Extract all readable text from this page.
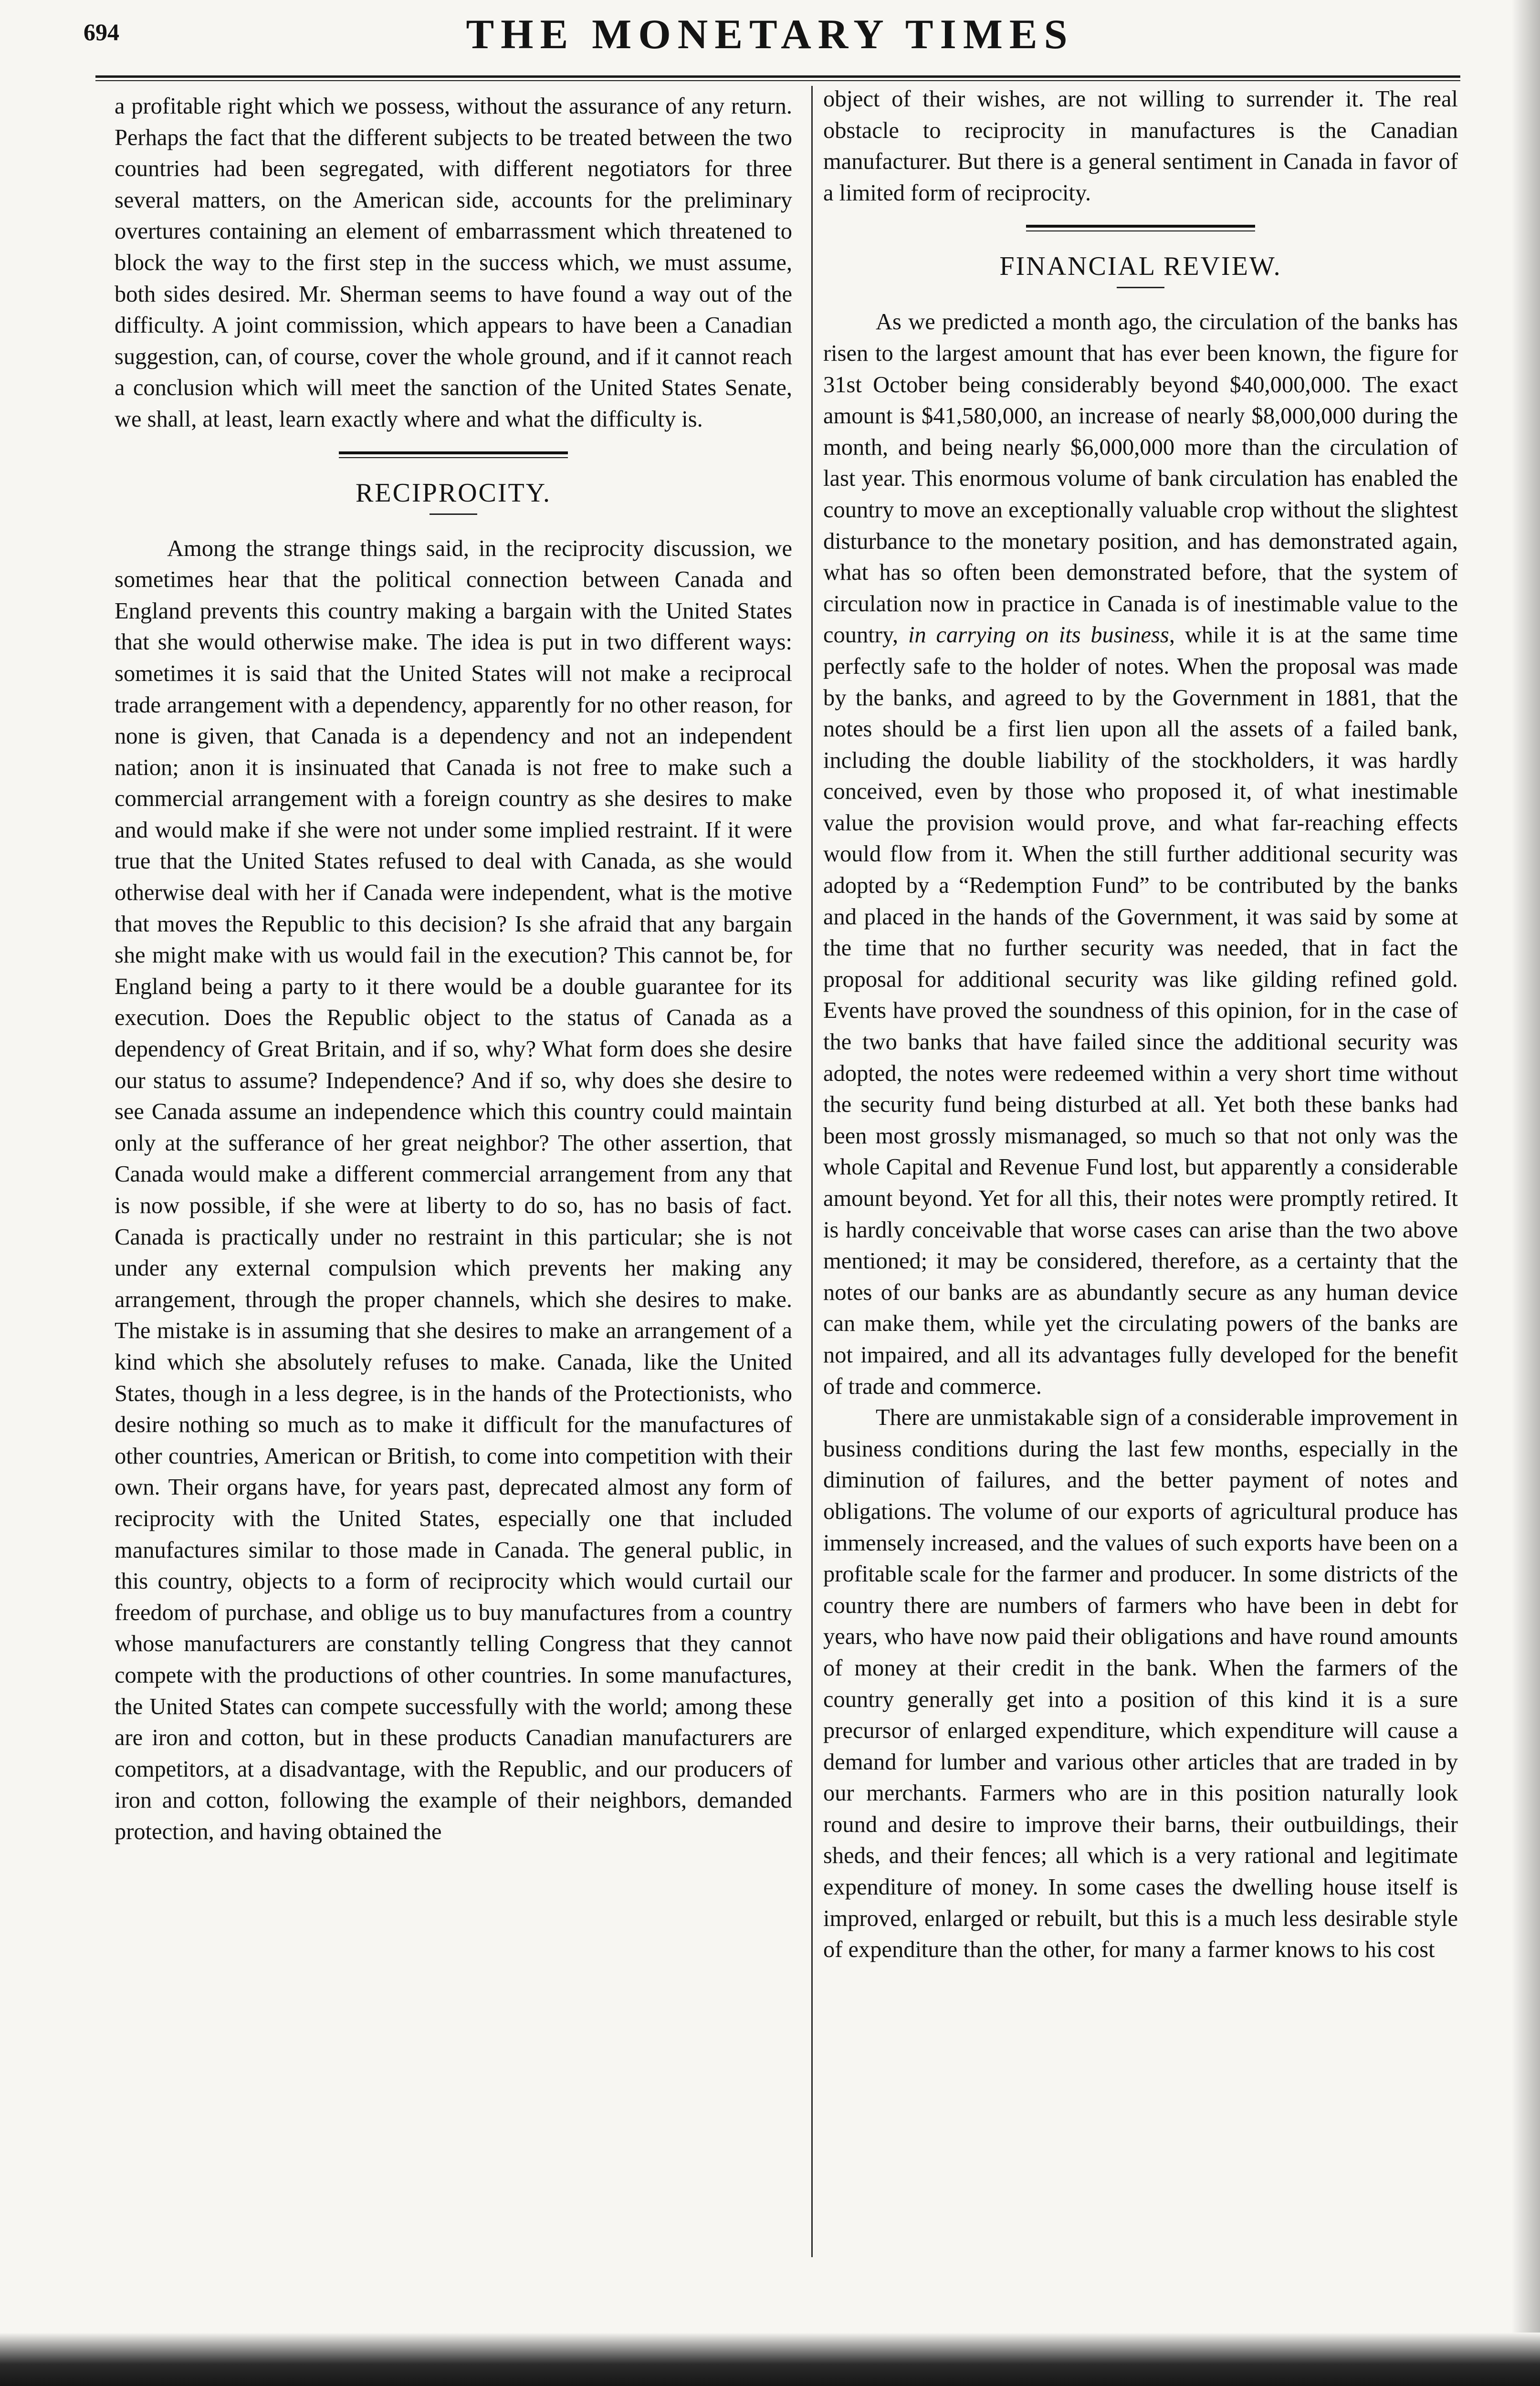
694	THE MONETARY TIMES

a profitable right which we possess, without the assurance of any return. Perhaps the fact that the different subjects to be treated between the two countries had been segregated, with different negotiators for three several matters, on the American side, accounts for the preliminary overtures containing an element of embarrassment which threatened to block the way to the first step in the success which, we must assume, both sides desired. Mr. Sherman seems to have found a way out of the difficulty. A joint commission, which appears to have been a Canadian suggestion, can, of course, cover the whole ground, and if it cannot reach a conclusion which will meet the sanction of the United States Senate, we shall, at least, learn exactly where and what the difficulty is.

RECIPROCITY.

Among the strange things said, in the reciprocity discussion, we sometimes hear that the political connection between Canada and England prevents this country making a bargain with the United States that she would otherwise make. The idea is put in two different ways: sometimes it is said that the United States will not make a reciprocal trade arrangement with a dependency, apparently for no other reason, for none is given, that Canada is a dependency and not an independent nation; anon it is insinuated that Canada is not free to make such a commercial arrangement with a foreign country as she desires to make and would make if she were not under some implied restraint. If it were true that the United States refused to deal with Canada, as she would otherwise deal with her if Canada were independent, what is the motive that moves the Republic to this decision? Is she afraid that any bargain she might make with us would fail in the execution? This cannot be, for England being a party to it there would be a double guarantee for its execution. Does the Republic object to the status of Canada as a dependency of Great Britain, and if so, why? What form does she desire our status to assume? Independence? And if so, why does she desire to see Canada assume an independence which this country could maintain only at the sufferance of her great neighbor? The other assertion, that Canada would make a different commercial arrangement from any that is now possible, if she were at liberty to do so, has no basis of fact. Canada is practically under no restraint in this particular; she is not under any external compulsion which prevents her making any arrangement, through the proper channels, which she desires to make. The mistake is in assuming that she desires to make an arrangement of a kind which she absolutely refuses to make. Canada, like the United States, though in a less degree, is in the hands of the Protectionists, who desire nothing so much as to make it difficult for the manufactures of other countries, American or British, to come into competition with their own. Their organs have, for years past, deprecated almost any form of reciprocity with the United States, especially one that included manufactures similar to those made in Canada. The general public, in this country, objects to a form of reciprocity which would curtail our freedom of purchase, and oblige us to buy manufactures from a country whose manufacturers are constantly telling Congress that they cannot compete with the productions of other countries. In some manufactures, the United States can compete successfully with the world; among these are iron and cotton, but in these products Canadian manufacturers are competitors, at a disadvantage, with the Republic, and our producers of iron and cotton, following the example of their neighbors, demanded protection, and having obtained the

object of their wishes, are not willing to surrender it. The real obstacle to reciprocity in manufactures is the Canadian manufacturer. But there is a general sentiment in Canada in favor of a limited form of reciprocity.

FINANCIAL REVIEW.

As we predicted a month ago, the circulation of the banks has risen to the largest amount that has ever been known, the figure for 31st October being considerably beyond $40,000,000. The exact amount is $41,580,000, an increase of nearly $8,000,000 during the month, and being nearly $6,000,000 more than the circulation of last year. This enormous volume of bank circulation has enabled the country to move an exceptionally valuable crop without the slightest disturbance to the monetary position, and has demonstrated again, what has so often been demonstrated before, that the system of circulation now in practice in Canada is of inestimable value to the country, in carrying on its business, while it is at the same time perfectly safe to the holder of notes. When the proposal was made by the banks, and agreed to by the Government in 1881, that the notes should be a first lien upon all the assets of a failed bank, including the double liability of the stockholders, it was hardly conceived, even by those who proposed it, of what inestimable value the provision would prove, and what far-reaching effects would flow from it. When the still further additional security was adopted by a “Redemption Fund” to be contributed by the banks and placed in the hands of the Government, it was said by some at the time that no further security was needed, that in fact the proposal for additional security was like gilding refined gold. Events have proved the soundness of this opinion, for in the case of the two banks that have failed since the additional security was adopted, the notes were redeemed within a very short time without the security fund being disturbed at all. Yet both these banks had been most grossly mismanaged, so much so that not only was the whole Capital and Revenue Fund lost, but apparently a considerable amount beyond. Yet for all this, their notes were promptly retired. It is hardly conceivable that worse cases can arise than the two above mentioned; it may be considered, therefore, as a certainty that the notes of our banks are as abundantly secure as any human device can make them, while yet the circulating powers of the banks are not impaired, and all its advantages fully developed for the benefit of trade and commerce.

There are unmistakable sign of a considerable improvement in business conditions during the last few months, especially in the diminution of failures, and the better payment of notes and obligations. The volume of our exports of agricultural produce has immensely increased, and the values of such exports have been on a profitable scale for the farmer and producer. In some districts of the country there are numbers of farmers who have been in debt for years, who have now paid their obligations and have round amounts of money at their credit in the bank. When the farmers of the country generally get into a position of this kind it is a sure precursor of enlarged expenditure, which expenditure will cause a demand for lumber and various other articles that are traded in by our merchants. Farmers who are in this position naturally look round and desire to improve their barns, their outbuildings, their sheds, and their fences; all which is a very rational and legitimate expenditure of money. In some cases the dwelling house itself is improved, enlarged or rebuilt, but this is a much less desirable style of expenditure than the other, for many a farmer knows to his cost
